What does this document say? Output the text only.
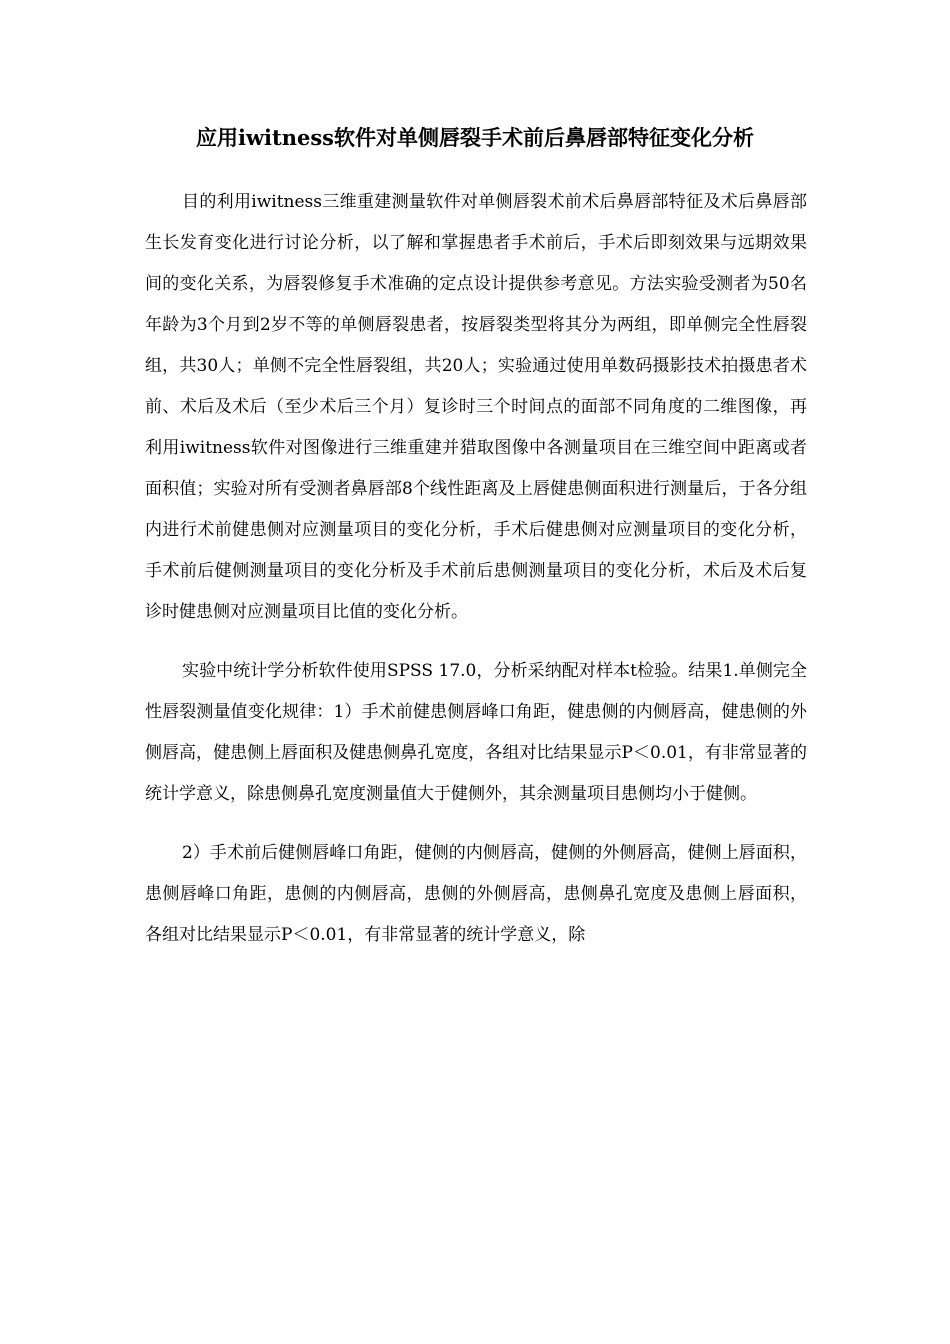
应用iwitness软件对单侧唇裂手术前后鼻唇部特征变化分析

目的利用iwitness三维重建测量软件对单侧唇裂术前术后鼻唇部特征及术后鼻唇部生长发育变化进行讨论分析，以了解和掌握患者手术前后，手术后即刻效果与远期效果间的变化关系，为唇裂修复手术准确的定点设计提供参考意见。方法实验受测者为50名年龄为3个月到2岁不等的单侧唇裂患者，按唇裂类型将其分为两组，即单侧完全性唇裂组，共30人；单侧不完全性唇裂组，共20人；实验通过使用单数码摄影技术拍摄患者术前、术后及术后（至少术后三个月）复诊时三个时间点的面部不同角度的二维图像，再利用iwitness软件对图像进行三维重建并猎取图像中各测量项目在三维空间中距离或者面积值；实验对所有受测者鼻唇部8个线性距离及上唇健患侧面积进行测量后，于各分组内进行术前健患侧对应测量项目的变化分析，手术后健患侧对应测量项目的变化分析，手术前后健侧测量项目的变化分析及手术前后患侧测量项目的变化分析，术后及术后复诊时健患侧对应测量项目比值的变化分析。

实验中统计学分析软件使用SPSS 17.0，分析采纳配对样本t检验。结果1.单侧完全性唇裂测量值变化规律：1）手术前健患侧唇峰口角距，健患侧的内侧唇高，健患侧的外侧唇高，健患侧上唇面积及健患侧鼻孔宽度，各组对比结果显示P＜0.01，有非常显著的统计学意义，除患侧鼻孔宽度测量值大于健侧外，其余测量项目患侧均小于健侧。

2）手术前后健侧唇峰口角距，健侧的内侧唇高，健侧的外侧唇高，健侧上唇面积，患侧唇峰口角距，患侧的内侧唇高，患侧的外侧唇高，患侧鼻孔宽度及患侧上唇面积，各组对比结果显示P＜0.01，有非常显著的统计学意义，除
